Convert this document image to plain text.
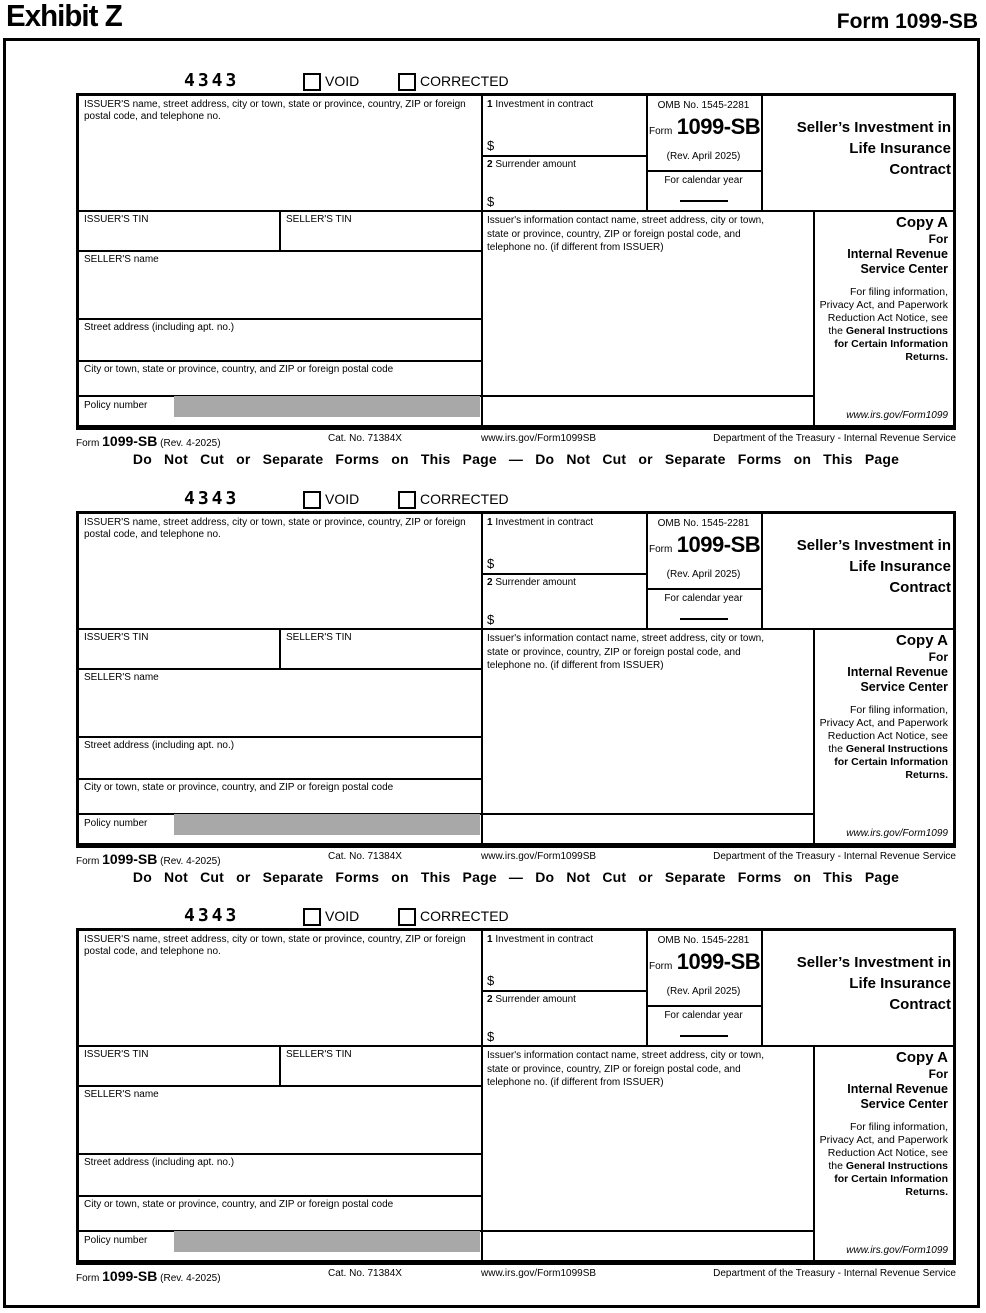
Exhibit Z	Form 1099-SB
4343	VOID	CORRECTED
ISSUER'S name, street address, city or town, state or province, country, ZIP or foreign postal code, and telephone no.
1 Investment in contract
$
2 Surrender amount
$
OMB No. 1545-2281
Form 1099-SB
(Rev. April 2025)
For calendar year
Seller’s Investment in
Life Insurance
Contract
ISSUER'S TIN	SELLER'S TIN
SELLER'S name
Street address (including apt. no.)
City or town, state or province, country, and ZIP or foreign postal code
Policy number
Issuer's information contact name, street address, city or town, state or province, country, ZIP or foreign postal code, and telephone no. (if different from ISSUER)
Copy A
For
Internal Revenue
Service Center
For filing information, Privacy Act, and Paperwork Reduction Act Notice, see the General Instructions for Certain Information Returns.
www.irs.gov/Form1099
Form 1099-SB (Rev. 4-2025)	Cat. No. 71384X	www.irs.gov/Form1099SB	Department of the Treasury - Internal Revenue Service
Do Not Cut or Separate Forms on This Page — Do Not Cut or Separate Forms on This Page
4343	VOID	CORRECTED
ISSUER'S name, street address, city or town, state or province, country, ZIP or foreign postal code, and telephone no.
1 Investment in contract
$
2 Surrender amount
$
OMB No. 1545-2281
Form 1099-SB
(Rev. April 2025)
For calendar year
Seller’s Investment in
Life Insurance
Contract
ISSUER'S TIN	SELLER'S TIN
SELLER'S name
Street address (including apt. no.)
City or town, state or province, country, and ZIP or foreign postal code
Policy number
Issuer's information contact name, street address, city or town, state or province, country, ZIP or foreign postal code, and telephone no. (if different from ISSUER)
Copy A
For
Internal Revenue
Service Center
For filing information, Privacy Act, and Paperwork Reduction Act Notice, see the General Instructions for Certain Information Returns.
www.irs.gov/Form1099
Form 1099-SB (Rev. 4-2025)	Cat. No. 71384X	www.irs.gov/Form1099SB	Department of the Treasury - Internal Revenue Service
Do Not Cut or Separate Forms on This Page — Do Not Cut or Separate Forms on This Page
4343	VOID	CORRECTED
ISSUER'S name, street address, city or town, state or province, country, ZIP or foreign postal code, and telephone no.
1 Investment in contract
$
2 Surrender amount
$
OMB No. 1545-2281
Form 1099-SB
(Rev. April 2025)
For calendar year
Seller’s Investment in
Life Insurance
Contract
ISSUER'S TIN	SELLER'S TIN
SELLER'S name
Street address (including apt. no.)
City or town, state or province, country, and ZIP or foreign postal code
Policy number
Issuer's information contact name, street address, city or town, state or province, country, ZIP or foreign postal code, and telephone no. (if different from ISSUER)
Copy A
For
Internal Revenue
Service Center
For filing information, Privacy Act, and Paperwork Reduction Act Notice, see the General Instructions for Certain Information Returns.
www.irs.gov/Form1099
Form 1099-SB (Rev. 4-2025)	Cat. No. 71384X	www.irs.gov/Form1099SB	Department of the Treasury - Internal Revenue Service
